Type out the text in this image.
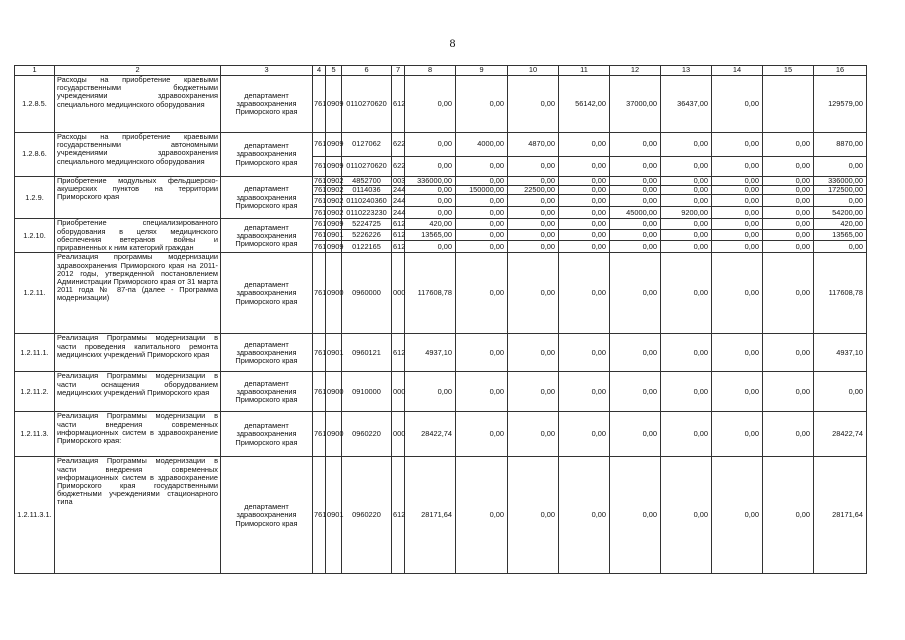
8
1	2	3	4	5	6	7	8	9	10	11	12	13	14	15	16
1.2.8.5.	Расходы на приобретение краевыми государственными бюджетными учреждениями здравоохранения специального медицинского оборудования	департамент здравоохранения Приморского края	761	0909	0110270620	612	0,00	0,00	0,00	56142,00	37000,00	36437,00	0,00		129579,00
1.2.8.6.	Расходы на приобретение краевыми государственными автономными учреждениями здравоохранения специального медицинского оборудования	департамент здравоохранения Приморского края	761	0909	0127062	622	0,00	4000,00	4870,00	0,00	0,00	0,00	0,00	0,00	8870,00
			761	0909	0110270620	622	0,00	0,00	0,00	0,00	0,00	0,00	0,00	0,00	0,00
1.2.9.	Приобретение модульных фельдшерско-акушерских пунктов на территории Приморского края	департамент здравоохранения Приморского края	761	0902	4852700	003	336000,00	0,00	0,00	0,00	0,00	0,00	0,00	0,00	336000,00
			761	0902	0114036	244	0,00	150000,00	22500,00	0,00	0,00	0,00	0,00	0,00	172500,00
			761	0902	0110240360	244	0,00	0,00	0,00	0,00	0,00	0,00	0,00	0,00	0,00
			761	0902	0110223230	244	0,00	0,00	0,00	0,00	45000,00	9200,00	0,00	0,00	54200,00
1.2.10.	Приобретение специализированного оборудования в целях медицинского обеспечения ветеранов войны и приравненных к ним категорий граждан	департамент здравоохранения Приморского края	761	0909	5224725	612	420,00	0,00	0,00	0,00	0,00	0,00	0,00	0,00	420,00
			761	0901	5226226	612	13565,00	0,00	0,00	0,00	0,00	0,00	0,00	0,00	13565,00
			761	0909	0122165	612	0,00	0,00	0,00	0,00	0,00	0,00	0,00	0,00	0,00
1.2.11.	Реализация программы модернизации здравоохранения Приморского края на 2011- 2012 годы, утвержденной постановлением Администрации Приморского края от 31 марта 2011 года № 87-па (далее - Программа модернизации)	департамент здравоохранения Приморского края	761	0900	0960000	000	117608,78	0,00	0,00	0,00	0,00	0,00	0,00	0,00	117608,78
1.2.11.1.	Реализация Программы модернизации в части проведения капитального ремонта медицинских учреждений Приморского края	департамент здравоохранения Приморского края	761	0901	0960121	612	4937,10	0,00	0,00	0,00	0,00	0,00	0,00	0,00	4937,10
1.2.11.2.	Реализация Программы модернизации в части оснащения оборудованием медицинских учреждений Приморского края	департамент здравоохранения Приморского края	761	0900	0910000	000	0,00	0,00	0,00	0,00	0,00	0,00	0,00	0,00	0,00
1.2.11.3.	Реализация Программы модернизации в части внедрения современных информационных систем в здравоохранение Приморского края:	департамент здравоохранения Приморского края	761	0900	0960220	000	28422,74	0,00	0,00	0,00	0,00	0,00	0,00	0,00	28422,74
1.2.11.3.1.	Реализация Программы модернизации в части внедрения современных информационных систем в здравоохранение Приморского края государственными бюджетными учреждениями стационарного типа	департамент здравоохранения Приморского края	761	0901	0960220	612	28171,64	0,00	0,00	0,00	0,00	0,00	0,00	0,00	28171,64
